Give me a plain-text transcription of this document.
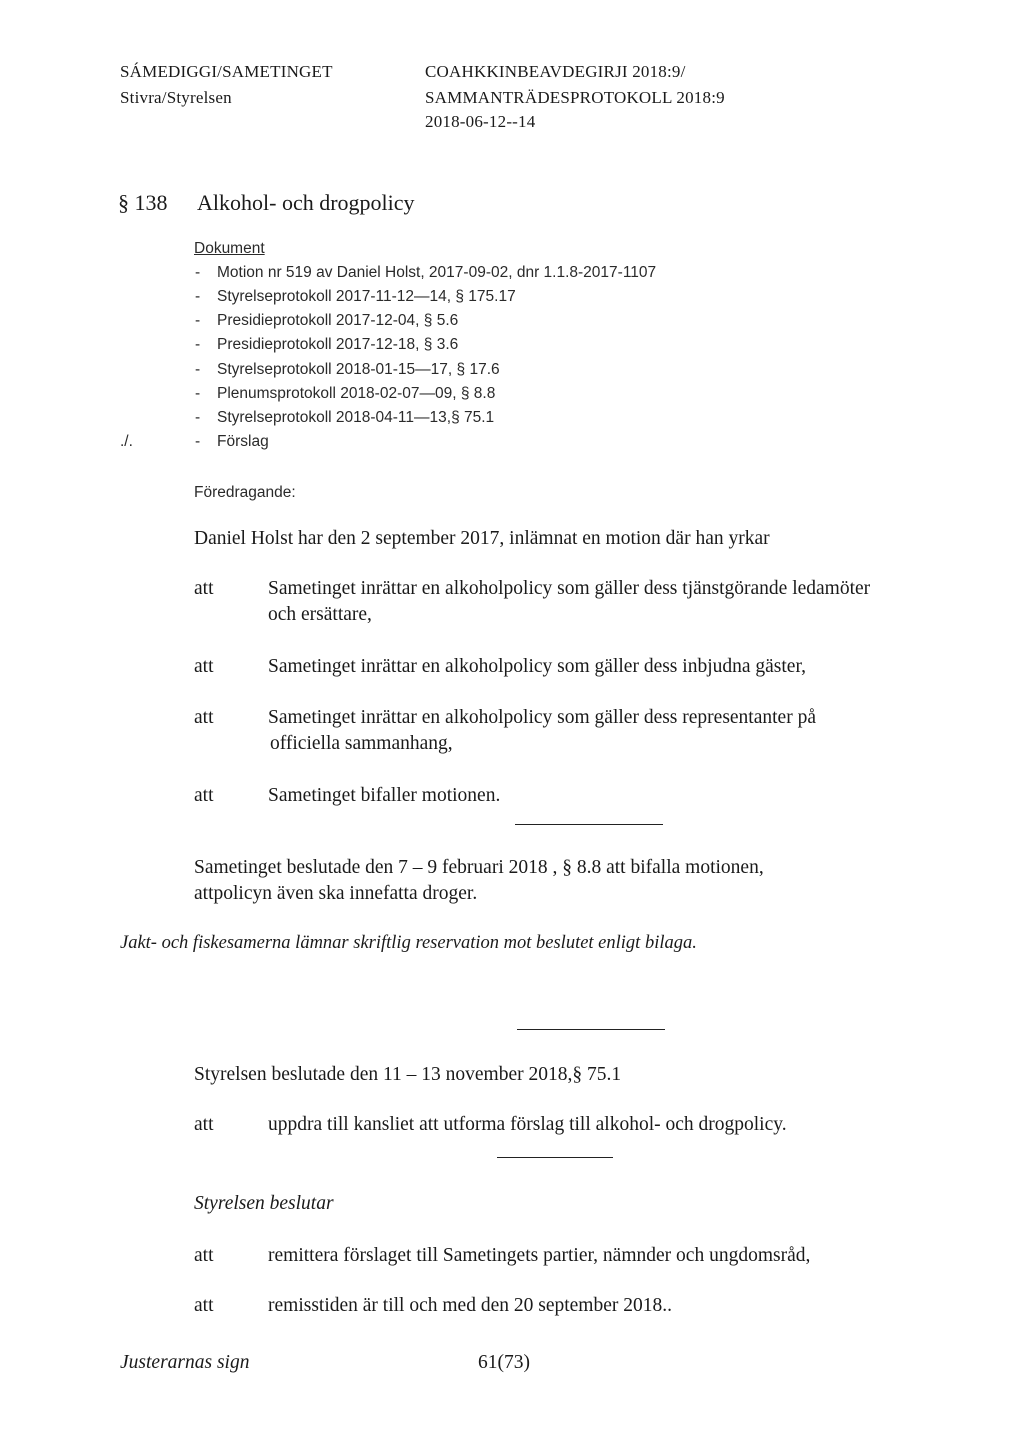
SÁMEDIGGI/SAMETINGET
Stivra/Styrelsen
COAHKKINBEAVDEGIRJI 2018:9/
SAMMANTRÄDESPROTOKOLL 2018:9
2018-06-12--14
§ 138 Alkohol- och drogpolicy
Dokument
- Motion nr 519 av Daniel Holst, 2017-09-02, dnr 1.1.8-2017-1107
- Styrelseprotokoll 2017-11-12—14, § 175.17
- Presidieprotokoll 2017-12-04, § 5.6
- Presidieprotokoll 2017-12-18, § 3.6
- Styrelseprotokoll 2018-01-15—17, § 17.6
- Plenumsprotokoll 2018-02-07—09, § 8.8
- Styrelseprotokoll 2018-04-11—13,§ 75.1
./.	- Förslag
Föredragande:
Daniel Holst har den 2 september 2017, inlämnat en motion där han yrkar
att	Sametinget inrättar en alkoholpolicy som gäller dess tjänstgörande ledamöter
och ersättare,
att	Sametinget inrättar en alkoholpolicy som gäller dess inbjudna gäster,
att	Sametinget inrättar en alkoholpolicy som gäller dess representanter på
officiella sammanhang,
att	Sametinget bifaller motionen.
Sametinget beslutade den 7 – 9 februari 2018 , § 8.8 att bifalla motionen,
attpolicyn även ska innefatta droger.
Jakt- och fiskesamerna lämnar skriftlig reservation mot beslutet enligt bilaga.
Styrelsen beslutade den 11 – 13 november 2018,§ 75.1
att	uppdra till kansliet att utforma förslag till alkohol- och drogpolicy.
Styrelsen beslutar
att	remittera förslaget till Sametingets partier, nämnder och ungdomsråd,
att	remisstiden är till och med den 20 september 2018..
Justerarnas sign	61(73)
